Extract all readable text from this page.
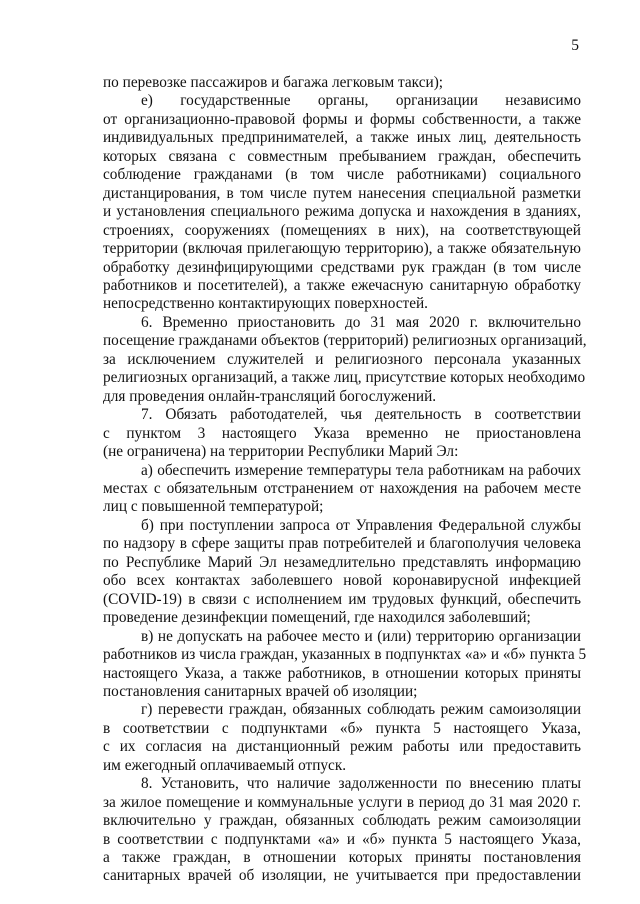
5
по перевозке пассажиров и багажа легковым такси);
е) государственные органы, организации независимо
от организационно-правовой формы и формы собственности, а также
индивидуальных предпринимателей, а также иных лиц, деятельность
которых связана с совместным пребыванием граждан, обеспечить
соблюдение гражданами (в том числе работниками) социального
дистанцирования, в том числе путем нанесения специальной разметки
и установления специального режима допуска и нахождения в зданиях,
строениях, сооружениях (помещениях в них), на соответствующей
территории (включая прилегающую территорию), а также обязательную
обработку дезинфицирующими средствами рук граждан (в том числе
работников и посетителей), а также ежечасную санитарную обработку
непосредственно контактирующих поверхностей.
6. Временно приостановить до 31 мая 2020 г. включительно
посещение гражданами объектов (территорий) религиозных организаций,
за исключением служителей и религиозного персонала указанных
религиозных организаций, а также лиц, присутствие которых необходимо
для проведения онлайн-трансляций богослужений.
7. Обязать работодателей, чья деятельность в соответствии
с пунктом 3 настоящего Указа временно не приостановлена
(не ограничена) на территории Республики Марий Эл:
а) обеспечить измерение температуры тела работникам на рабочих
местах с обязательным отстранением от нахождения на рабочем месте
лиц с повышенной температурой;
б) при поступлении запроса от Управления Федеральной службы
по надзору в сфере защиты прав потребителей и благополучия человека
по Республике Марий Эл незамедлительно представлять информацию
обо всех контактах заболевшего новой коронавирусной инфекцией
(COVID-19) в связи с исполнением им трудовых функций, обеспечить
проведение дезинфекции помещений, где находился заболевший;
в) не допускать на рабочее место и (или) территорию организации
работников из числа граждан, указанных в подпунктах «а» и «б» пункта 5
настоящего Указа, а также работников, в отношении которых приняты
постановления санитарных врачей об изоляции;
г) перевести граждан, обязанных соблюдать режим самоизоляции
в соответствии с подпунктами «б» пункта 5 настоящего Указа,
с их согласия на дистанционный режим работы или предоставить
им ежегодный оплачиваемый отпуск.
8. Установить, что наличие задолженности по внесению платы
за жилое помещение и коммунальные услуги в период до 31 мая 2020 г.
включительно у граждан, обязанных соблюдать режим самоизоляции
в соответствии с подпунктами «а» и «б» пункта 5 настоящего Указа,
а также граждан, в отношении которых приняты постановления
санитарных врачей об изоляции, не учитывается при предоставлении
